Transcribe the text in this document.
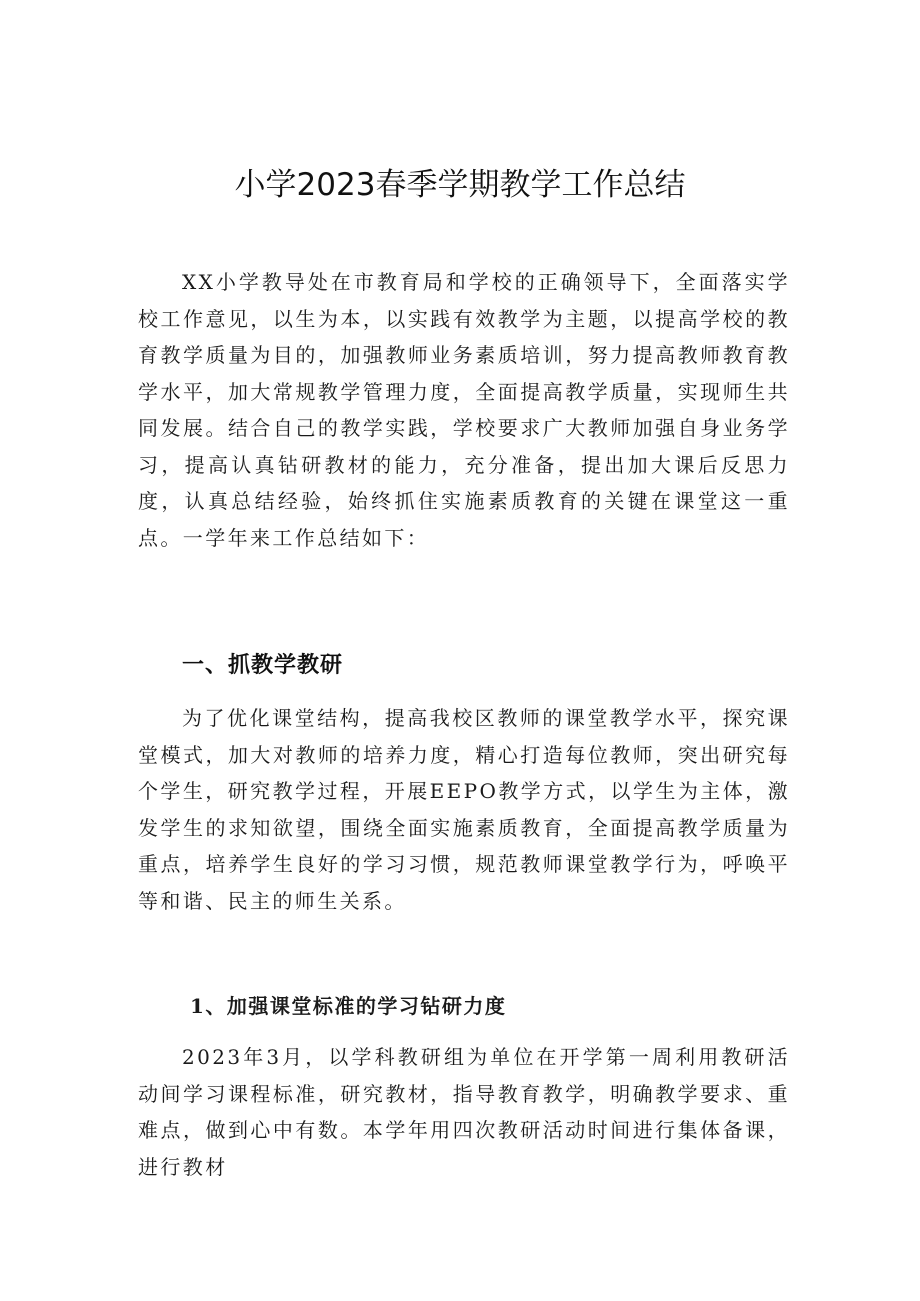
小学2023春季学期教学工作总结

XX小学教导处在市教育局和学校的正确领导下，全面落实学校工作意见，以生为本，以实践有效教学为主题，以提高学校的教育教学质量为目的，加强教师业务素质培训，努力提高教师教育教学水平，加大常规教学管理力度，全面提高教学质量，实现师生共同发展。结合自己的教学实践，学校要求广大教师加强自身业务学习，提高认真钻研教材的能力，充分准备，提出加大课后反思力度，认真总结经验，始终抓住实施素质教育的关键在课堂这一重点。一学年来工作总结如下：

一、抓教学教研

为了优化课堂结构，提高我校区教师的课堂教学水平，探究课堂模式，加大对教师的培养力度，精心打造每位教师，突出研究每个学生，研究教学过程，开展EEPO教学方式，以学生为主体，激发学生的求知欲望，围绕全面实施素质教育，全面提高教学质量为重点，培养学生良好的学习习惯，规范教师课堂教学行为，呼唤平等和谐、民主的师生关系。

1、加强课堂标准的学习钻研力度

2023年3月，以学科教研组为单位在开学第一周利用教研活动间学习课程标准，研究教材，指导教育教学，明确教学要求、重难点，做到心中有数。本学年用四次教研活动时间进行集体备课，进行教材
